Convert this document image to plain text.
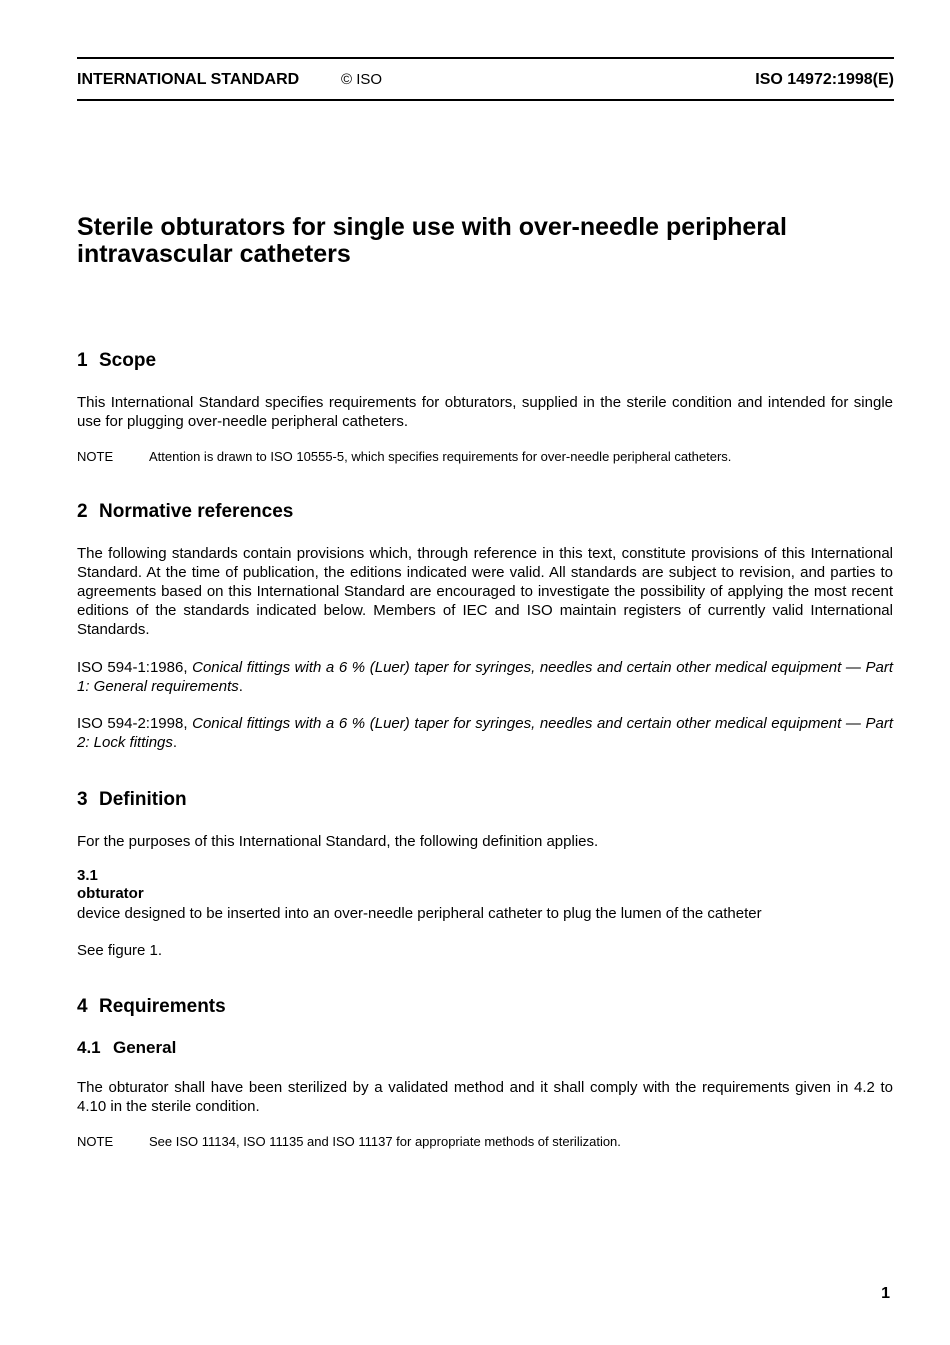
INTERNATIONAL STANDARD	© ISO	ISO 14972:1998(E)
Sterile obturators for single use with over-needle peripheral intravascular catheters
1 Scope

This International Standard specifies requirements for obturators, supplied in the sterile condition and intended for single use for plugging over-needle peripheral catheters.

NOTE	Attention is drawn to ISO 10555-5, which specifies requirements for over-needle peripheral catheters.

2 Normative references

The following standards contain provisions which, through reference in this text, constitute provisions of this International Standard. At the time of publication, the editions indicated were valid. All standards are subject to revision, and parties to agreements based on this International Standard are encouraged to investigate the possibility of applying the most recent editions of the standards indicated below. Members of IEC and ISO maintain registers of currently valid International Standards.

ISO 594-1:1986, Conical fittings with a 6 % (Luer) taper for syringes, needles and certain other medical equipment — Part 1: General requirements.

ISO 594-2:1998, Conical fittings with a 6 % (Luer) taper for syringes, needles and certain other medical equipment — Part 2: Lock fittings.

3 Definition

For the purposes of this International Standard, the following definition applies.

3.1
obturator

device designed to be inserted into an over-needle peripheral catheter to plug the lumen of the catheter

See figure 1.

4 Requirements
4.1 General

The obturator shall have been sterilized by a validated method and it shall comply with the requirements given in 4.2 to 4.10 in the sterile condition.

NOTE	See ISO 11134, ISO 11135 and ISO 11137 for appropriate methods of sterilization.

1
